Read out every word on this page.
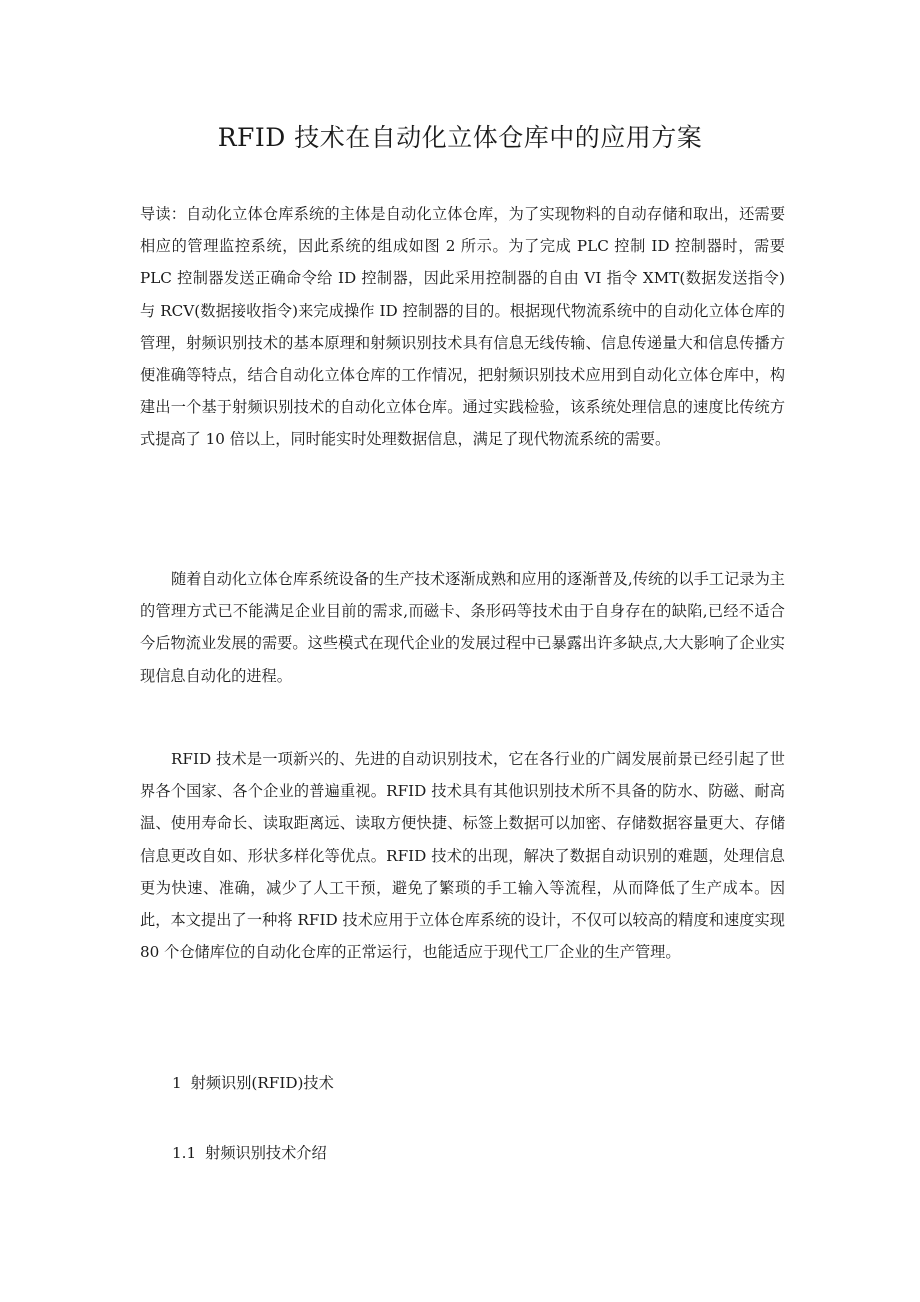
RFID 技术在自动化立体仓库中的应用方案

导读：自动化立体仓库系统的主体是自动化立体仓库，为了实现物料的自动存储和取出，还需要相应的管理监控系统，因此系统的组成如图 2 所示。为了完成 PLC 控制 ID 控制器时，需要 PLC 控制器发送正确命令给 ID 控制器，因此采用控制器的自由 VI 指令 XMT(数据发送指令)与 RCV(数据接收指令)来完成操作 ID 控制器的目的。根据现代物流系统中的自动化立体仓库的管理，射频识别技术的基本原理和射频识别技术具有信息无线传输、信息传递量大和信息传播方便准确等特点，结合自动化立体仓库的工作情况，把射频识别技术应用到自动化立体仓库中，构建出一个基于射频识别技术的自动化立体仓库。通过实践检验，该系统处理信息的速度比传统方式提高了 10 倍以上，同时能实时处理数据信息，满足了现代物流系统的需要。

随着自动化立体仓库系统设备的生产技术逐渐成熟和应用的逐渐普及,传统的以手工记录为主的管理方式已不能满足企业目前的需求,而磁卡、条形码等技术由于自身存在的缺陷,已经不适合今后物流业发展的需要。这些模式在现代企业的发展过程中已暴露出许多缺点,大大影响了企业实现信息自动化的进程。

RFID 技术是一项新兴的、先进的自动识别技术，它在各行业的广阔发展前景已经引起了世界各个国家、各个企业的普遍重视。RFID 技术具有其他识别技术所不具备的防水、防磁、耐高温、使用寿命长、读取距离远、读取方便快捷、标签上数据可以加密、存储数据容量更大、存储信息更改自如、形状多样化等优点。RFID 技术的出现，解决了数据自动识别的难题，处理信息更为快速、准确，减少了人工干预，避免了繁琐的手工输入等流程，从而降低了生产成本。因此，本文提出了一种将 RFID 技术应用于立体仓库系统的设计，不仅可以较高的精度和速度实现 80 个仓储库位的自动化仓库的正常运行，也能适应于现代工厂企业的生产管理。

1 射频识别(RFID)技术
1.1 射频识别技术介绍
